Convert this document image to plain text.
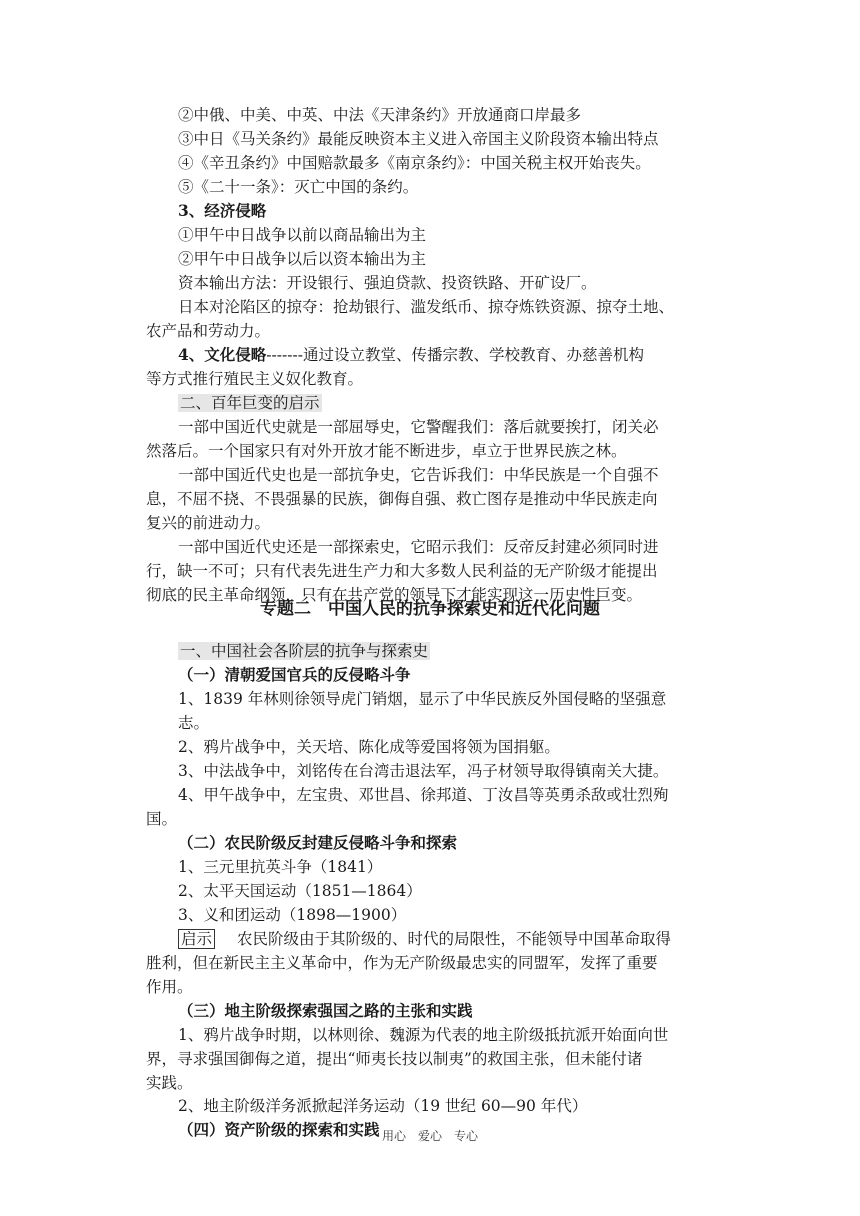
②中俄、中美、中英、中法《天津条约》开放通商口岸最多
③中日《马关条约》最能反映资本主义进入帝国主义阶段资本输出特点
④《辛丑条约》中国赔款最多《南京条约》：中国关税主权开始丧失。
⑤《二十一条》：灭亡中国的条约。
3、经济侵略
①甲午中日战争以前以商品输出为主
②甲午中日战争以后以资本输出为主
资本输出方法：开设银行、强迫贷款、投资铁路、开矿设厂。
日本对沦陷区的掠夺：抢劫银行、滥发纸币、掠夺炼铁资源、掠夺土地、
农产品和劳动力。
4、文化侵略-------通过设立教堂、传播宗教、学校教育、办慈善机构
等方式推行殖民主义奴化教育。
二、百年巨变的启示
一部中国近代史就是一部屈辱史，它警醒我们：落后就要挨打，闭关必
然落后。一个国家只有对外开放才能不断进步，卓立于世界民族之林。
一部中国近代史也是一部抗争史，它告诉我们：中华民族是一个自强不
息，不屈不挠、不畏强暴的民族，御侮自强、救亡图存是推动中华民族走向
复兴的前进动力。
一部中国近代史还是一部探索史，它昭示我们：反帝反封建必须同时进
行，缺一不可；只有代表先进生产力和大多数人民利益的无产阶级才能提出
专题二　中国人民的抗争探索史和近代化问题
一、中国社会各阶层的抗争与探索史
（一）清朝爱国官兵的反侵略斗争
1、1839 年林则徐领导虎门销烟，显示了中华民族反外国侵略的坚强意
志。
2、鸦片战争中，关天培、陈化成等爱国将领为国捐躯。
3、中法战争中，刘铭传在台湾击退法军，冯子材领导取得镇南关大捷。
4、甲午战争中，左宝贵、邓世昌、徐邦道、丁汝昌等英勇杀敌或壮烈殉
国。
（二）农民阶级反封建反侵略斗争和探索
1、三元里抗英斗争（1841）
2、太平天国运动（1851—1864）
3、义和团运动（1898—1900）
启示 农民阶级由于其阶级的、时代的局限性，不能领导中国革命取得
胜利，但在新民主主义革命中，作为无产阶级最忠实的同盟军，发挥了重要
作用。
（三）地主阶级探索强国之路的主张和实践
1、鸦片战争时期，以林则徐、魏源为代表的地主阶级抵抗派开始面向世
界，寻求强国御侮之道，提出“师夷长技以制夷”的救国主张，但未能付诸
实践。
2、地主阶级洋务派掀起洋务运动（19 世纪 60—90 年代）
用心　爱心　专心
彻底的民主革命纲领，只有在共产党的领导下才能实现这一历史性巨变。
（四）资产阶级的探索和实践
